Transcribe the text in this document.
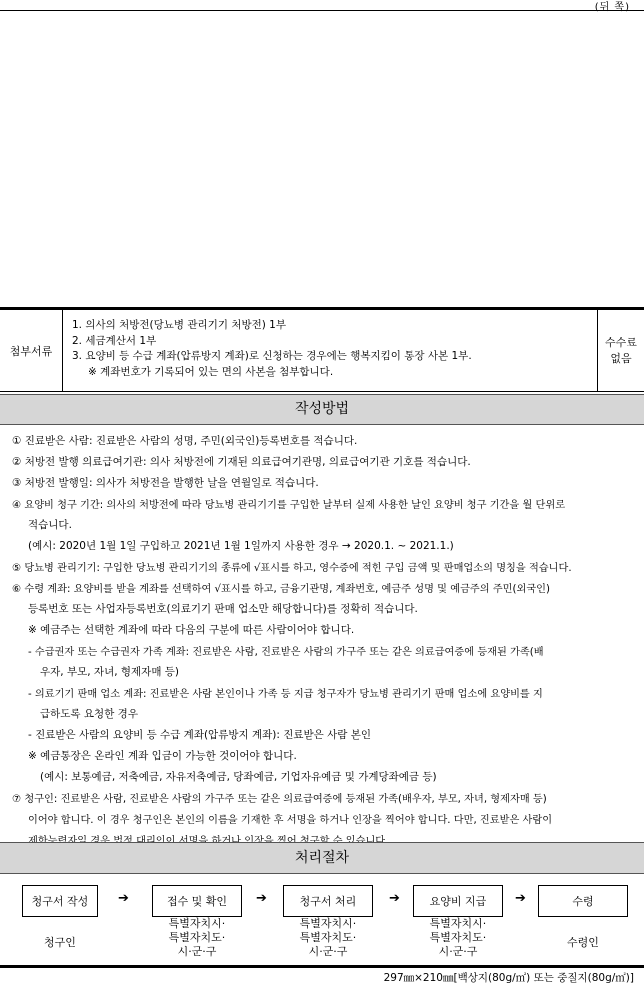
(뒤 쪽)
첨부서류
1. 의사의 처방전(당뇨병 관리기기 처방전) 1부
2. 세금계산서 1부
3. 요양비 등 수급 계좌(압류방지 계좌)로 신청하는 경우에는 행복지킴이 통장 사본 1부.
※ 계좌번호가 기록되어 있는 면의 사본을 첨부합니다.
수수료
없음
작성방법
① 진료받은 사람: 진료받은 사람의 성명, 주민(외국인)등록번호를 적습니다.
② 처방전 발행 의료급여기관: 의사 처방전에 기재된 의료급여기관명, 의료급여기관 기호를 적습니다.
③ 처방전 발행일: 의사가 처방전을 발행한 날을 연월일로 적습니다.
④ 요양비 청구 기간: 의사의 처방전에 따라 당뇨병 관리기기를 구입한 날부터 실제 사용한 날인 요양비 청구 기간을 월 단위로
적습니다.
(예시: 2020년 1월 1일 구입하고 2021년 1월 1일까지 사용한 경우 → 2020.1. ~ 2021.1.)
⑤ 당뇨병 관리기기: 구입한 당뇨병 관리기기의 종류에 √표시를 하고, 영수증에 적힌 구입 금액 및 판매업소의 명칭을 적습니다.
⑥ 수령 계좌: 요양비를 받을 계좌를 선택하여 √표시를 하고, 금융기관명, 계좌번호, 예금주 성명 및 예금주의 주민(외국인)
등록번호 또는 사업자등록번호(의료기기 판매 업소만 해당합니다)를 정확히 적습니다.
※ 예금주는 선택한 계좌에 따라 다음의 구분에 따른 사람이어야 합니다.
- 수급권자 또는 수급권자 가족 계좌: 진료받은 사람, 진료받은 사람의 가구주 또는 같은 의료급여증에 등재된 가족(배
우자, 부모, 자녀, 형제자매 등)
- 의료기기 판매 업소 계좌: 진료받은 사람 본인이나 가족 등 지급 청구자가 당뇨병 관리기기 판매 업소에 요양비를 지
급하도록 요청한 경우
- 진료받은 사람의 요양비 등 수급 계좌(압류방지 계좌): 진료받은 사람 본인
※ 예금통장은 온라인 계좌 입금이 가능한 것이어야 합니다.
(예시: 보통예금, 저축예금, 자유저축예금, 당좌예금, 기업자유예금 및 가계당좌예금 등)
⑦ 청구인: 진료받은 사람, 진료받은 사람의 가구주 또는 같은 의료급여증에 등재된 가족(배우자, 부모, 자녀, 형제자매 등)
이어야 합니다. 이 경우 청구인은 본인의 이름을 기재한 후 서명을 하거나 인장을 찍어야 합니다. 다만, 진료받은 사람이
처리절차
청구서 작성	➔	접수 및 확인	➔	청구서 처리	➔	요양비 지급	➔	수령
청구인
특별자치시·
특별자치도·
시·군·구
특별자치시·
특별자치도·
시·군·구
특별자치시·
특별자치도·
시·군·구
수령인
297㎜×210㎜[백상지(80g/㎡) 또는 중질지(80g/㎡)]
